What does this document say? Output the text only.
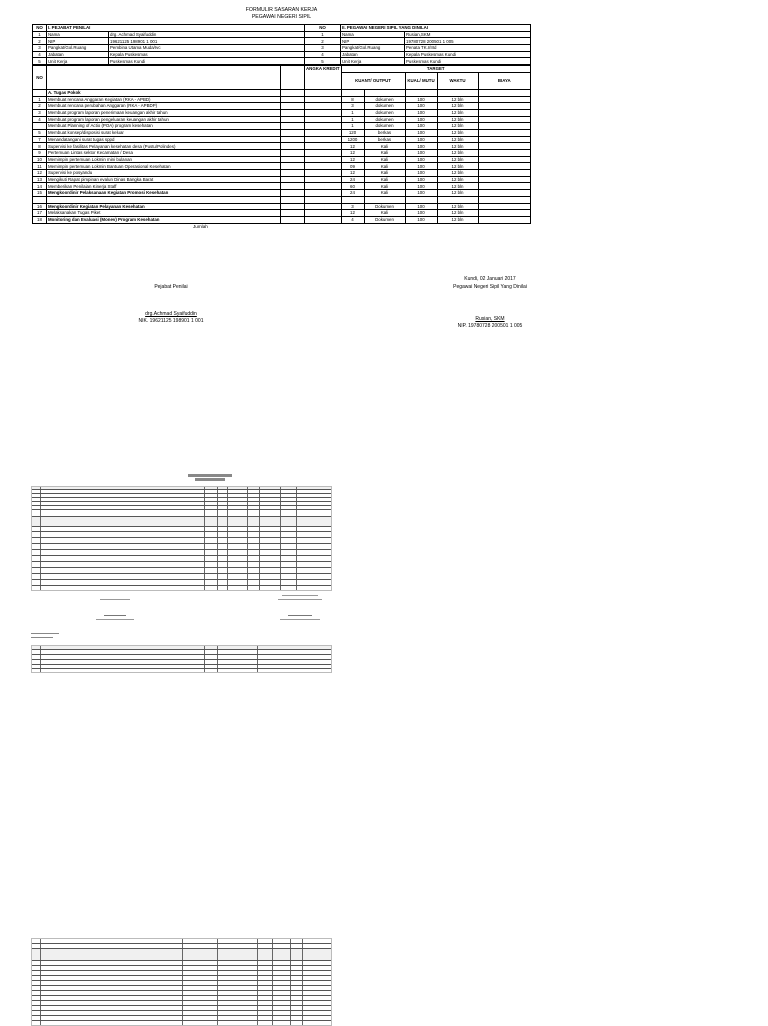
FORMULIR SASARAN KERJA
PEGAWAI NEGERI SIPIL
NO	I. PEJABAT PENILAI		NO	II. PEGAWAI NEGERI SIPIL YANG DINILAI	
1	Nama	drg. Achmad Syaifuddin	1	Nama	Rusian,SKM
2	NIP	19621125 198901 1 001	2	NIP	19780728 200501 1 005
3	Pangkat/Gol.Ruang	Pembina Utama Muda/Ivc	3	Pangkat/Gol.Ruang	Penata TK.I/IIId
4	Jabatan	Kepala Puskesmas	4	Jabatan	Kepala Puskesmas Kundi
5	Unit Kerja	Puskesmas Kundi	5	Unit Kerja	Puskesmas Kundi
NO			ANGKA KREDIT	TARGET				
				KUANT/ OUTPUT		KUAL/ MUTU	WAKTU	BIAYA
	A. Tugas Pokok							
1	Membuat rencana Anggaran Kegiatan (RKA - APBD)			8	dokumen	100	12 bln	
2	Membuat rencana perubahan Anggaran (RKA - APBDP)			3	dokumen	100	12 bln	
3	Membuat program laporan penerimaan keuangan akhir tahun			1	dokumen	100	12 bln	
4	Membuat program laporan pengeluaran keuangan akhir tahun			1	dokumen	100	12 bln	
	Membuat Planning of Actio (POA) program kesehatan			1	dokumen	100	12 bln	
5	Membuat konsep/disposisi surat keluar			120	berkas	100	12 bln	
7	Menandatangani surat tugas sppd			1200	berkas	100	12 bln	
8	Supervisi ke fasilitas Pelayanan kesehatan desa (Pustu/Polindes)			12	Kali	100	12 bln	
9	Pertemuan Lintas sektor Kecamatan / Desa			12	Kali	100	12 bln	
10	Memimpin pertemuan Lokmin mini bulanan			12	Kali	100	12 bln	
11	Memimpin pertemuan Lokmin Bantuan Operasional Kesehatan			09	Kali	100	12 bln	
12	Supervisi ke posyandu			12	Kali	100	12 bln	
13	Mengikuti Rapat pimpinan evalun Dinas Bangka Barat			24	Kali	100	12 bln	
14	Memberikan Penilaian Kinerja Staff			60	Kali	100	12 bln	
15	Mengkoordinir Pelaksanaan Kegiatan Promosi Kesehatan			24	Kali	100	12 bln	

16	Mengkoordinir Kegiatan Pelayanan Kesehatan			3	Dokumen	100	12 bln	
17	Melaksanakan Tugas Piket			12	Kali	100	12 bln	
18	Monitoring dan Evaluasi (Monev) Program Kesehatan			4	Dokumen	100	12 bln	
Jumlah
Kundi, 02 Januari 2017
Pejabat Penilai	Pegawai Negeri Sipil Yang Dinilai
drg.Achmad Syaifuddin
NIK. 19621125 198901 1 001	Rusian, SKM
NIP. 19780728 200501 1 005
